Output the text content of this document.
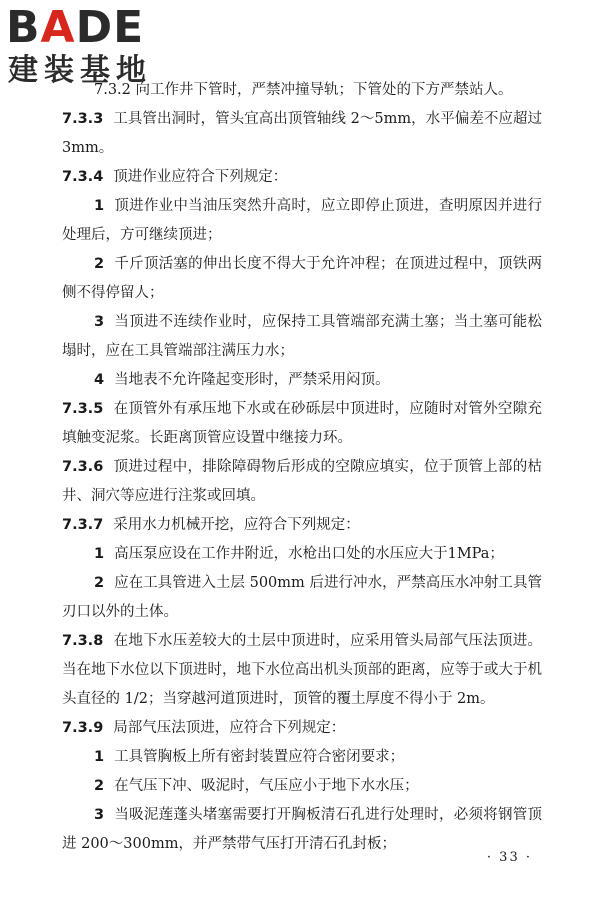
BADE
建装基地

7.3.2 向工作井下管时，严禁冲撞导轨；下管处的下方严禁站人。

7.3.3 工具管出洞时，管头宜高出顶管轴线 2～5mm，水平偏差不应超过 3mm。

7.3.4 顶进作业应符合下列规定：

1 顶进作业中当油压突然升高时，应立即停止顶进，查明原因并进行处理后，方可继续顶进；

2 千斤顶活塞的伸出长度不得大于允许冲程；在顶进过程中，顶铁两侧不得停留人；

3 当顶进不连续作业时，应保持工具管端部充满土塞；当土塞可能松塌时，应在工具管端部注满压力水；

4 当地表不允许隆起变形时，严禁采用闷顶。

7.3.5 在顶管外有承压地下水或在砂砾层中顶进时，应随时对管外空隙充填触变泥浆。长距离顶管应设置中继接力环。

7.3.6 顶进过程中，排除障碍物后形成的空隙应填实，位于顶管上部的枯井、洞穴等应进行注浆或回填。

7.3.7 采用水力机械开挖，应符合下列规定：

1 高压泵应设在工作井附近，水枪出口处的水压应大于1MPa；

2 应在工具管进入土层 500mm 后进行冲水，严禁高压水冲射工具管刃口以外的土体。

7.3.8 在地下水压差较大的土层中顶进时，应采用管头局部气压法顶进。当在地下水位以下顶进时，地下水位高出机头顶部的距离，应等于或大于机头直径的 1/2；当穿越河道顶进时，顶管的覆土厚度不得小于 2m。

7.3.9 局部气压法顶进，应符合下列规定：

1 工具管胸板上所有密封装置应符合密闭要求；

2 在气压下冲、吸泥时，气压应小于地下水水压；

3 当吸泥莲蓬头堵塞需要打开胸板清石孔进行处理时，必须将钢管顶进 200～300mm，并严禁带气压打开清石孔封板；

· 33 ·
